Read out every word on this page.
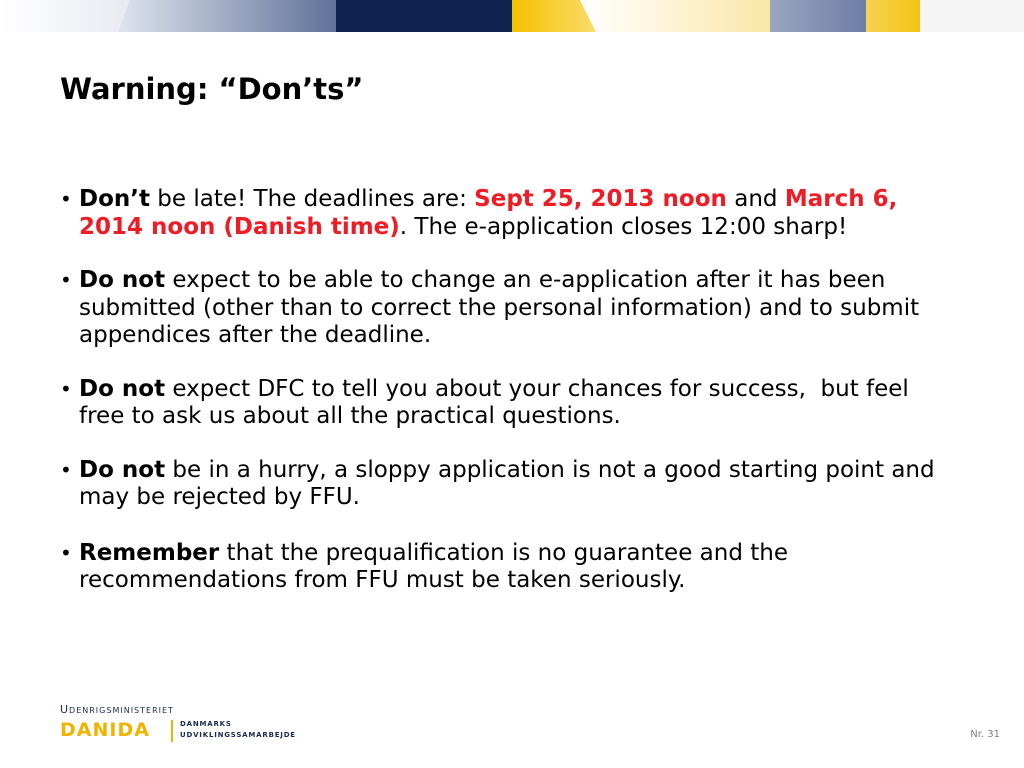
Warning: “Don’ts”
• Don’t be late! The deadlines are: Sept 25, 2013 noon and March 6, 2014 noon (Danish time). The e-application closes 12:00 sharp!
• Do not expect to be able to change an e-application after it has been submitted (other than to correct the personal information) and to submit appendices after the deadline.
• Do not expect DFC to tell you about your chances for success,  but feel free to ask us about all the practical questions.
• Do not be in a hurry, a sloppy application is not a good starting point and may be rejected by FFU.
• Remember that the prequalification is no guarantee and the recommendations from FFU must be taken seriously.
Udenrigsministeriet
DANIDA	DANMARKS
UDVIKLINGSSAMARBEJDE	Nr. 31
